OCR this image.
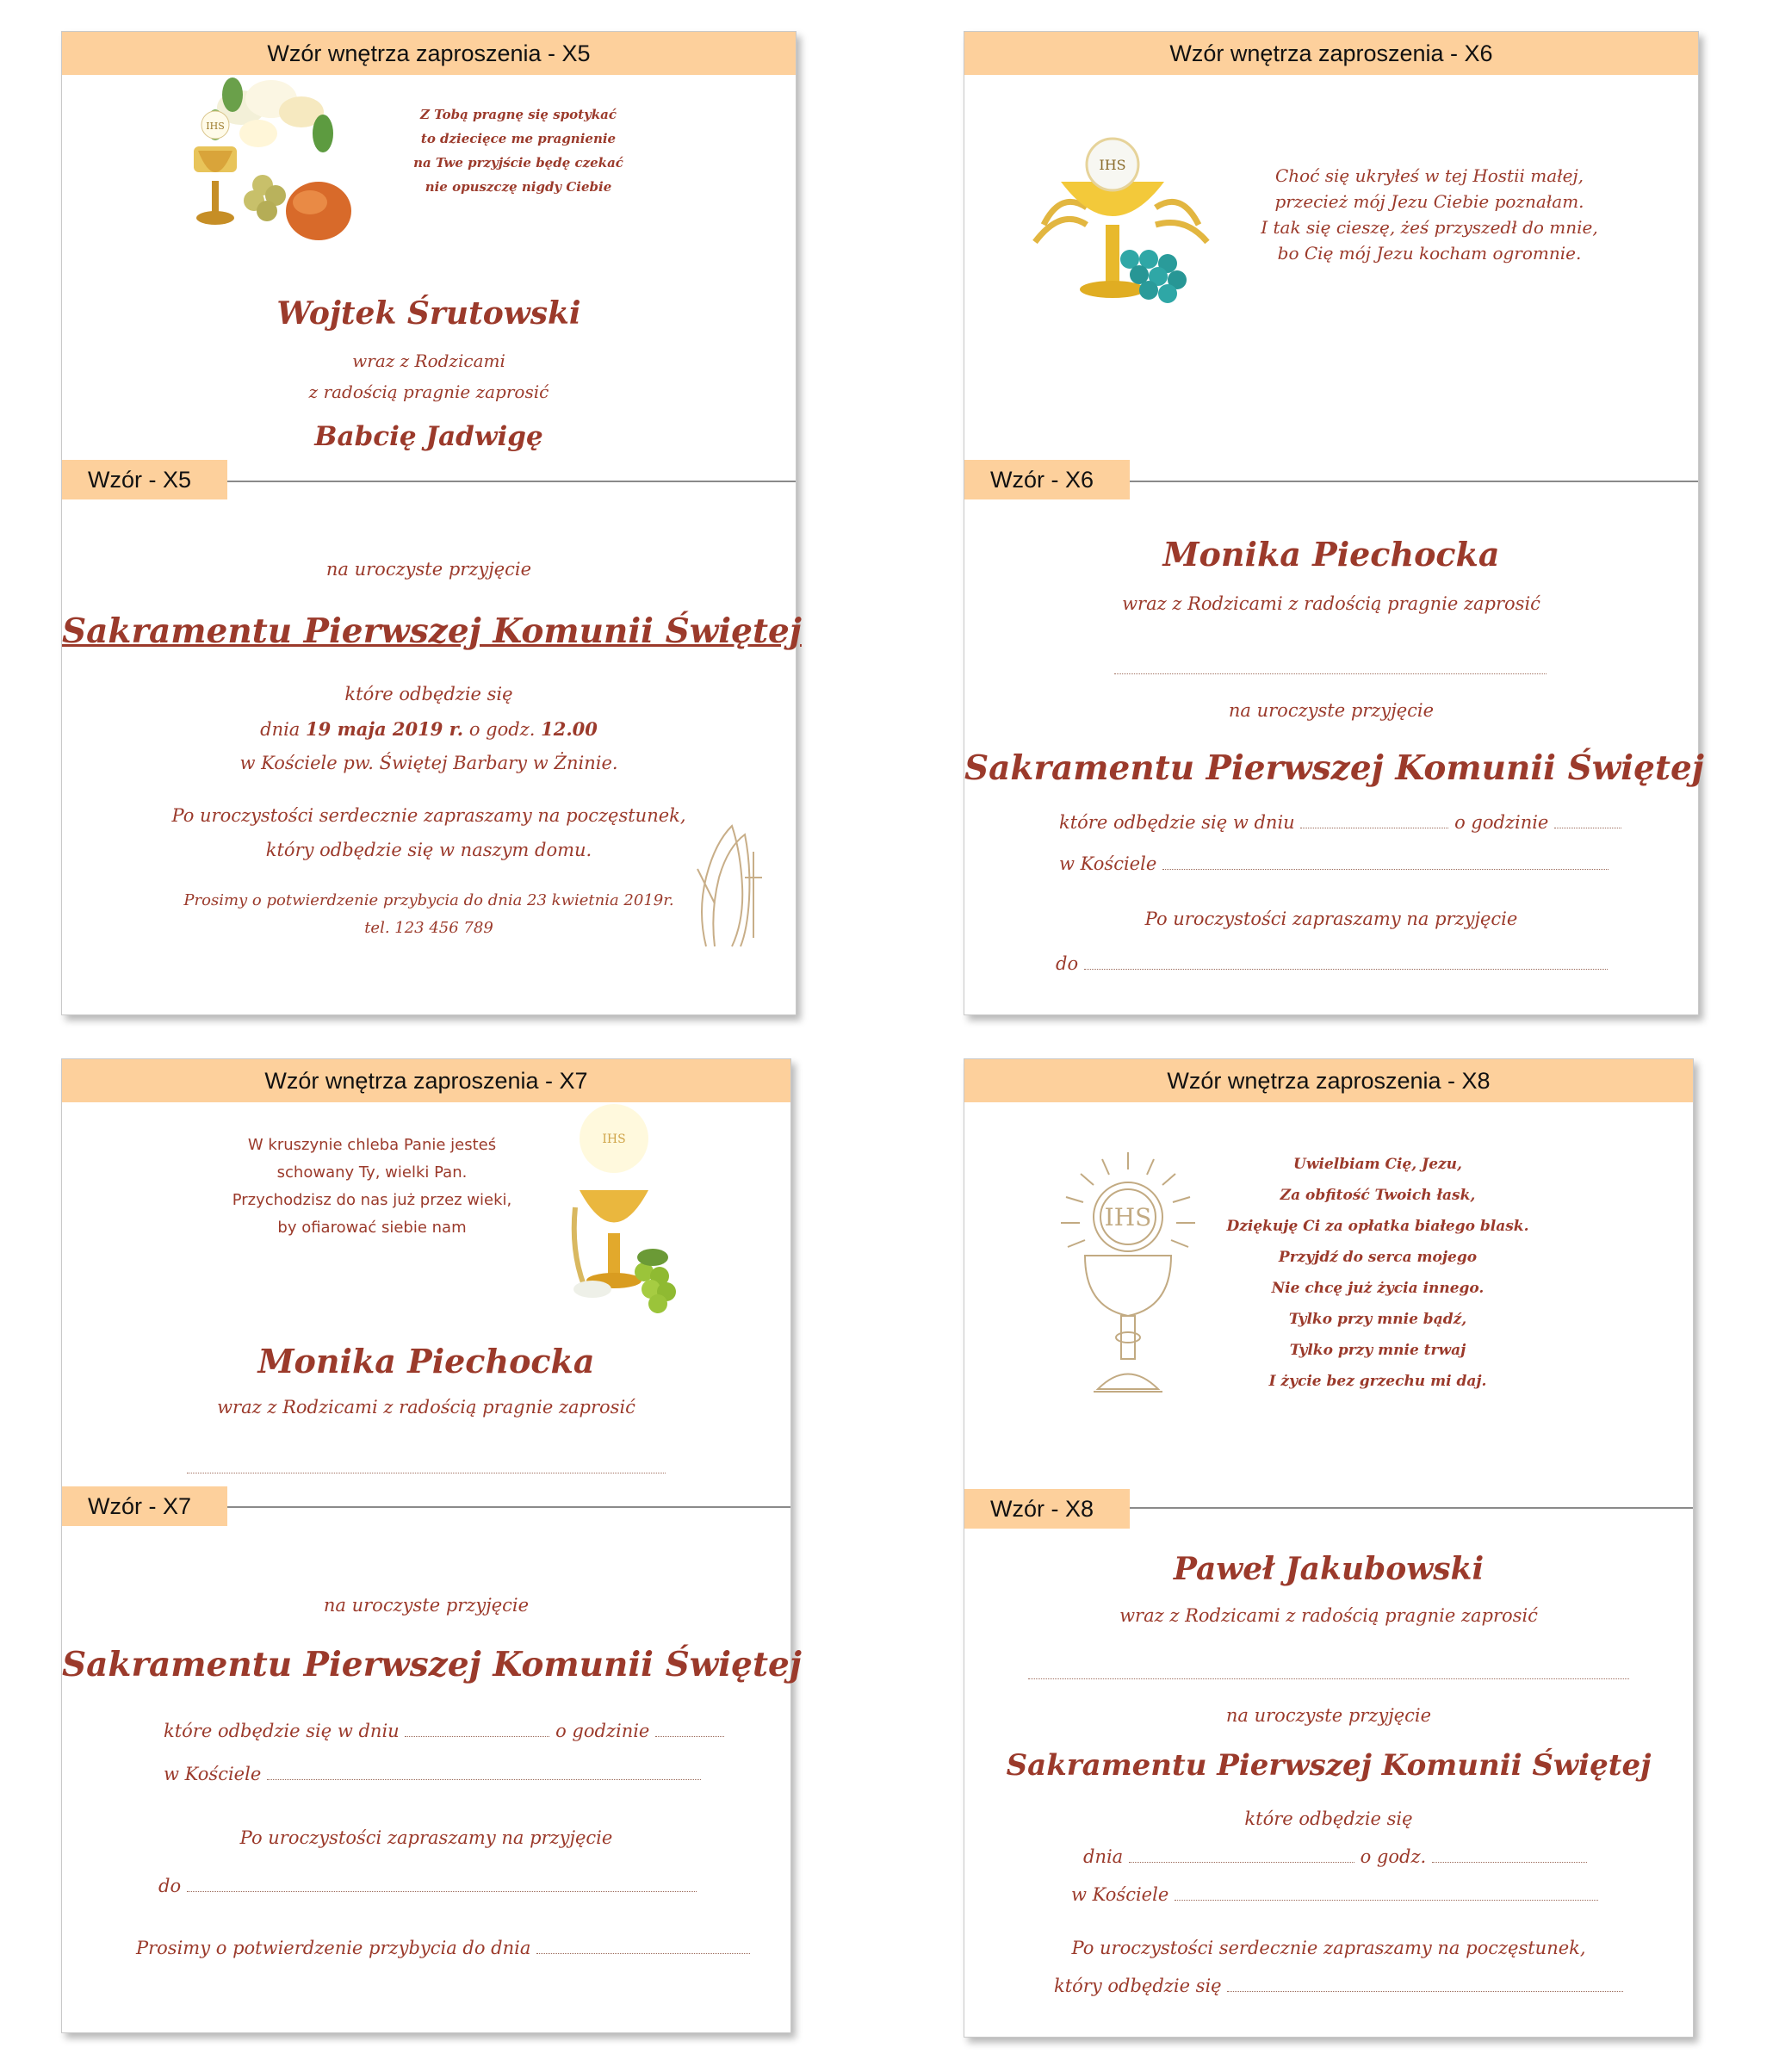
Wzór wnętrza zaproszenia - X5
IHS
Z Tobą pragnę się spotykać
to dziecięce me pragnienie
na Twe przyjście będę czekać
nie opuszczę nigdy Ciebie
Wojtek Śrutowski
wraz z Rodzicami
z radością pragnie zaprosić
Babcię Jadwigę
Wzór - X5
na uroczyste przyjęcie
Sakramentu Pierwszej Komunii Świętej
które odbędzie się
dnia 19 maja 2019 r. o godz. 12.00
w Kościele pw. Świętej Barbary w Żninie.
Po uroczystości serdecznie zapraszamy na poczęstunek,
który odbędzie się w naszym domu.
Prosimy o potwierdzenie przybycia do dnia 23 kwietnia 2019r.
tel. 123 456 789
Wzór wnętrza zaproszenia - X6
IHS
Choć się ukryłeś w tej Hostii małej,
przecież mój Jezu Ciebie poznałam.
I tak się cieszę, żeś przyszedł do mnie,
bo Cię mój Jezu kocham ogromnie.
Wzór - X6
Monika Piechocka
wraz z Rodzicami z radością pragnie zaprosić
na uroczyste przyjęcie
Sakramentu Pierwszej Komunii Świętej
które odbędzie się w dniu	o godzinie
w Kościele
Po uroczystości zapraszamy na przyjęcie
do
Wzór wnętrza zaproszenia - X7
W kruszynie chleba Panie jesteś
schowany Ty, wielki Pan.
Przychodzisz do nas już przez wieki,
by ofiarować siebie nam
IHS
Monika Piechocka
wraz z Rodzicami z radością pragnie zaprosić
Wzór - X7
na uroczyste przyjęcie
Sakramentu Pierwszej Komunii Świętej
które odbędzie się w dniu	o godzinie
w Kościele
Po uroczystości zapraszamy na przyjęcie
do
Prosimy o potwierdzenie przybycia do dnia
Wzór wnętrza zaproszenia - X8
IHS
Uwielbiam Cię, Jezu,
Za obfitość Twoich łask,
Dziękuję Ci za opłatka białego blask.
Przyjdź do serca mojego
Nie chcę już życia innego.
Tylko przy mnie bądź,
Tylko przy mnie trwaj
I życie bez grzechu mi daj.
Wzór - X8
Paweł Jakubowski
wraz z Rodzicami z radością pragnie zaprosić
na uroczyste przyjęcie
Sakramentu Pierwszej Komunii Świętej
które odbędzie się
dnia	o godz.
w Kościele
Po uroczystości serdecznie zapraszamy na poczęstunek,
który odbędzie się
